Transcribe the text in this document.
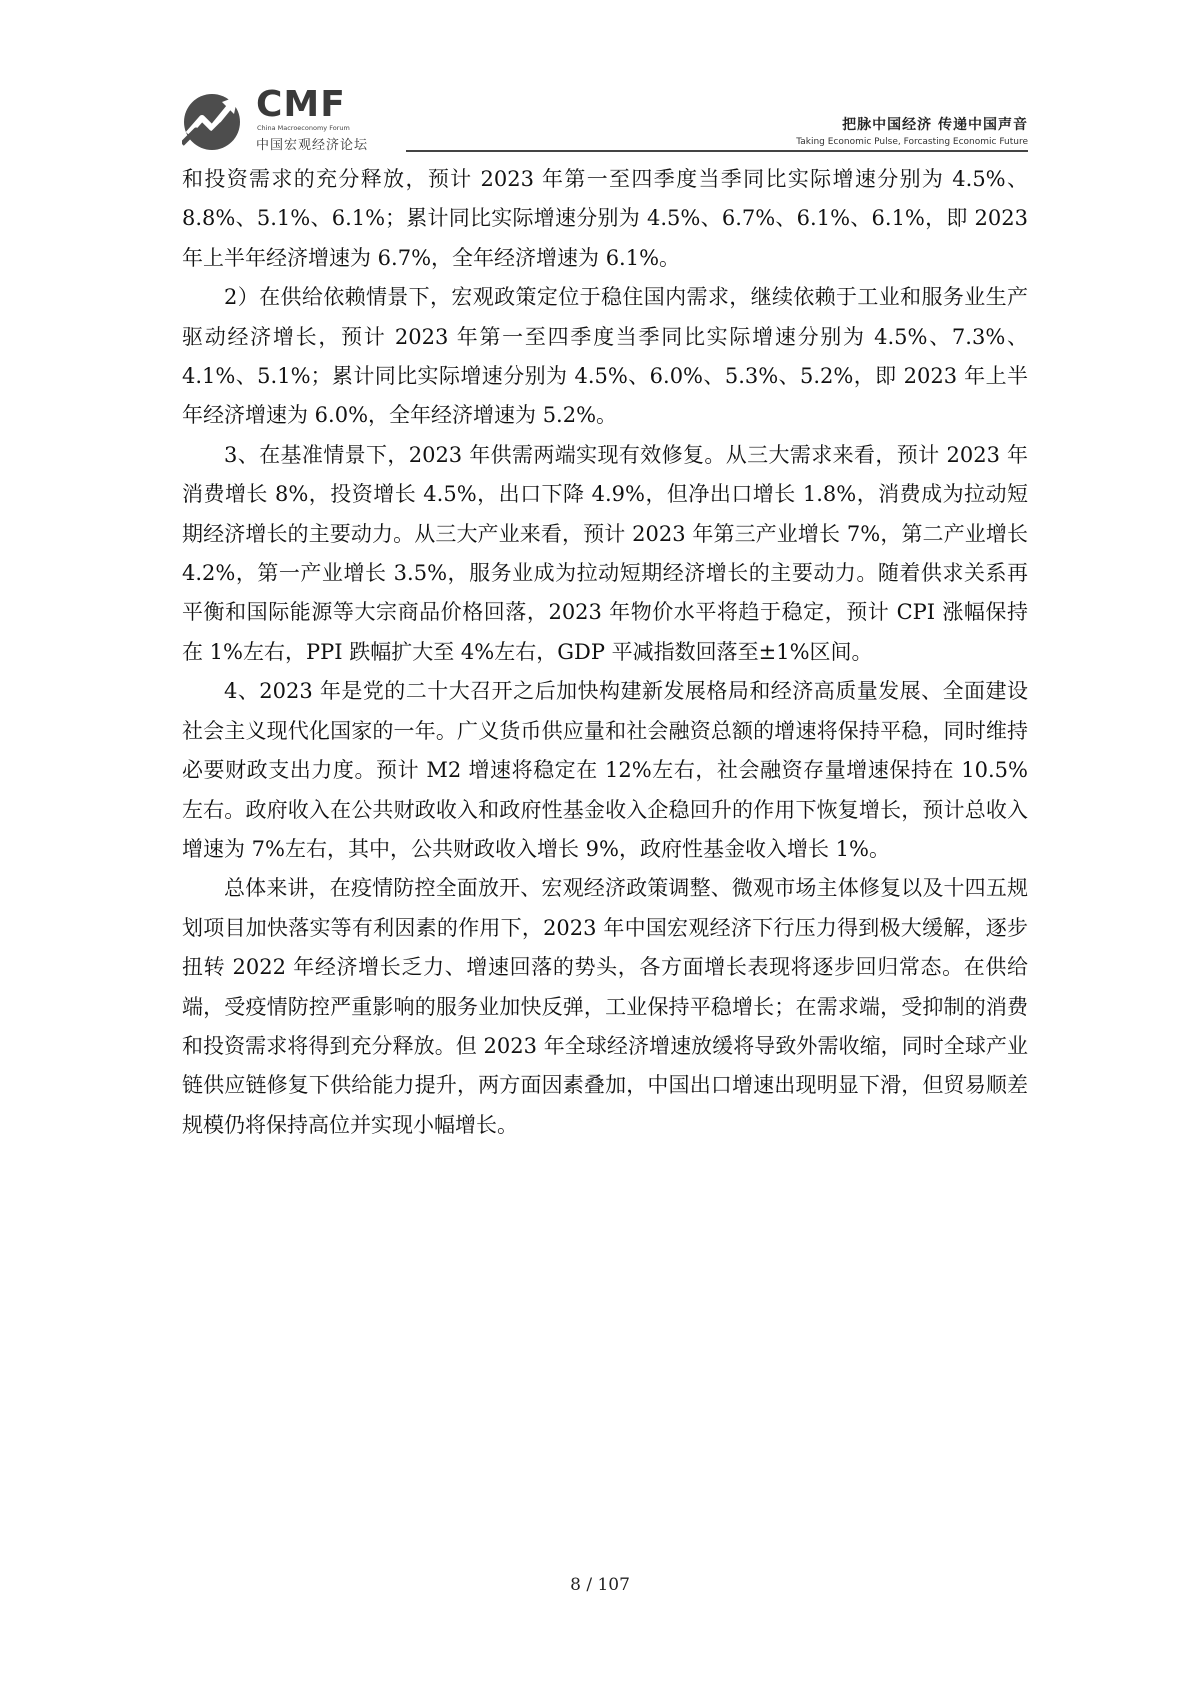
CMF
China Macroeconomy Forum
中国宏观经济论坛
把脉中国经济 传递中国声音
Taking Economic Pulse, Forcasting Economic Future

和投资需求的充分释放，预计 2023 年第一至四季度当季同比实际增速分别为 4.5%、8.8%、5.1%、6.1%；累计同比实际增速分别为 4.5%、6.7%、6.1%、6.1%，即 2023 年上半年经济增速为 6.7%，全年经济增速为 6.1%。

2）在供给依赖情景下，宏观政策定位于稳住国内需求，继续依赖于工业和服务业生产驱动经济增长，预计 2023 年第一至四季度当季同比实际增速分别为 4.5%、7.3%、4.1%、5.1%；累计同比实际增速分别为 4.5%、6.0%、5.3%、5.2%，即 2023 年上半年经济增速为 6.0%，全年经济增速为 5.2%。

3、在基准情景下，2023 年供需两端实现有效修复。从三大需求来看，预计 2023 年消费增长 8%，投资增长 4.5%，出口下降 4.9%，但净出口增长 1.8%，消费成为拉动短期经济增长的主要动力。从三大产业来看，预计 2023 年第三产业增长 7%，第二产业增长 4.2%，第一产业增长 3.5%，服务业成为拉动短期经济增长的主要动力。随着供求关系再平衡和国际能源等大宗商品价格回落，2023 年物价水平将趋于稳定，预计 CPI 涨幅保持在 1%左右，PPI 跌幅扩大至 4%左右，GDP 平减指数回落至±1%区间。

4、2023 年是党的二十大召开之后加快构建新发展格局和经济高质量发展、全面建设社会主义现代化国家的一年。广义货币供应量和社会融资总额的增速将保持平稳，同时维持必要财政支出力度。预计 M2 增速将稳定在 12%左右，社会融资存量增速保持在 10.5%左右。政府收入在公共财政收入和政府性基金收入企稳回升的作用下恢复增长，预计总收入增速为 7%左右，其中，公共财政收入增长 9%，政府性基金收入增长 1%。

总体来讲，在疫情防控全面放开、宏观经济政策调整、微观市场主体修复以及十四五规划项目加快落实等有利因素的作用下，2023 年中国宏观经济下行压力得到极大缓解，逐步扭转 2022 年经济增长乏力、增速回落的势头，各方面增长表现将逐步回归常态。在供给端，受疫情防控严重影响的服务业加快反弹，工业保持平稳增长；在需求端，受抑制的消费和投资需求将得到充分释放。但 2023 年全球经济增速放缓将导致外需收缩，同时全球产业链供应链修复下供给能力提升，两方面因素叠加，中国出口增速出现明显下滑，但贸易顺差规模仍将保持高位并实现小幅增长。

8 / 107
